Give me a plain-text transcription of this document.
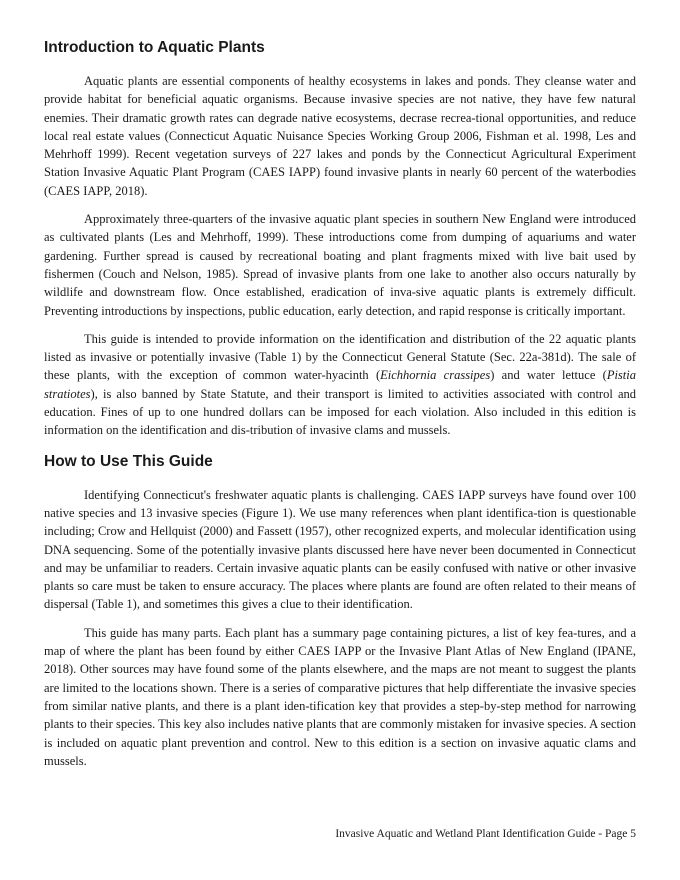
Introduction to Aquatic Plants

Aquatic plants are essential components of healthy ecosystems in lakes and ponds. They cleanse water and provide habitat for beneficial aquatic organisms. Because invasive species are not native, they have few natural enemies. Their dramatic growth rates can degrade native ecosystems, decrase recrea-tional opportunities, and reduce local real estate values (Connecticut Aquatic Nuisance Species Working Group 2006, Fishman et al. 1998, Les and Mehrhoff 1999). Recent vegetation surveys of 227 lakes and ponds by the Connecticut Agricultural Experiment Station Invasive Aquatic Plant Program (CAES IAPP) found invasive plants in nearly 60 percent of the waterbodies (CAES IAPP, 2018).

Approximately three-quarters of the invasive aquatic plant species in southern New England were introduced as cultivated plants (Les and Mehrhoff, 1999). These introductions come from dumping of aquariums and water gardening. Further spread is caused by recreational boating and plant fragments mixed with live bait used by fishermen (Couch and Nelson, 1985). Spread of invasive plants from one lake to another also occurs naturally by wildlife and downstream flow. Once established, eradication of inva-sive aquatic plants is extremely difficult. Preventing introductions by inspections, public education, early detection, and rapid response is critically important.

This guide is intended to provide information on the identification and distribution of the 22 aquatic plants listed as invasive or potentially invasive (Table 1) by the Connecticut General Statute (Sec. 22a-381d). The sale of these plants, with the exception of common water-hyacinth (Eichhornia crassipes) and water lettuce (Pistia stratiotes), is also banned by State Statute, and their transport is limited to activities associated with control and education. Fines of up to one hundred dollars can be imposed for each violation. Also included in this edition is information on the identification and dis-tribution of invasive clams and mussels.

How to Use This Guide

Identifying Connecticut's freshwater aquatic plants is challenging. CAES IAPP surveys have found over 100 native species and 13 invasive species (Figure 1). We use many references when plant identifica-tion is questionable including; Crow and Hellquist (2000) and Fassett (1957), other recognized experts, and molecular identification using DNA sequencing. Some of the potentially invasive plants discussed here have never been documented in Connecticut and may be unfamiliar to readers. Certain invasive aquatic plants can be easily confused with native or other invasive plants so care must be taken to ensure accuracy. The places where plants are found are often related to their means of dispersal (Table 1), and sometimes this gives a clue to their identification.

This guide has many parts. Each plant has a summary page containing pictures, a list of key fea-tures, and a map of where the plant has been found by either CAES IAPP or the Invasive Plant Atlas of New England (IPANE, 2018). Other sources may have found some of the plants elsewhere, and the maps are not meant to suggest the plants are limited to the locations shown. There is a series of comparative pictures that help differentiate the invasive species from similar native plants, and there is a plant iden-tification key that provides a step-by-step method for narrowing plants to their species. This key also includes native plants that are commonly mistaken for invasive species. A section is included on aquatic plant prevention and control. New to this edition is a section on invasive aquatic clams and mussels.

Invasive Aquatic and Wetland Plant Identification Guide - Page 5
